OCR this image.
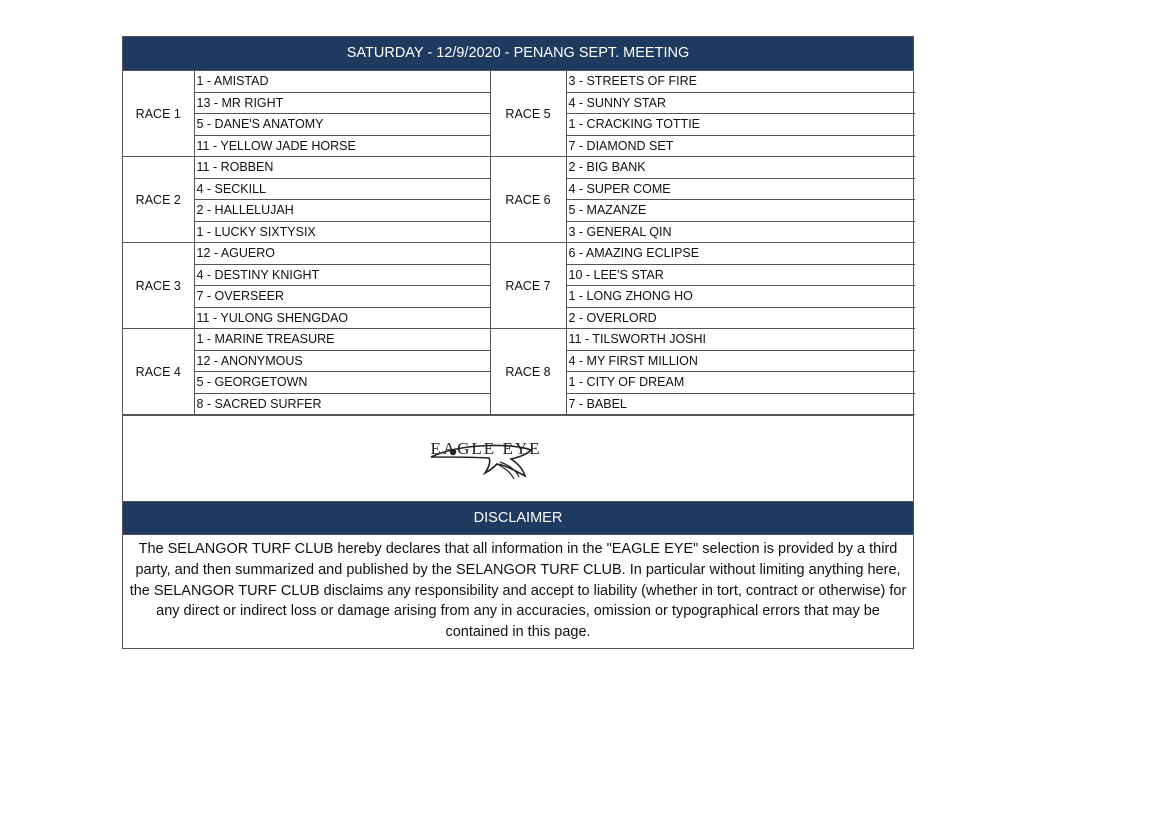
SATURDAY - 12/9/2020 - PENANG SEPT. MEETING
RACE 1	1 - AMISTAD	RACE 5	3 - STREETS OF FIRE
	13 - MR RIGHT		4 - SUNNY STAR
	5 - DANE'S ANATOMY		1 - CRACKING TOTTIE
	11 - YELLOW JADE HORSE		7 - DIAMOND SET
RACE 2	11 - ROBBEN	RACE 6	2 - BIG BANK
	4 - SECKILL		4 - SUPER COME
	2 - HALLELUJAH		5 - MAZANZE
	1 - LUCKY SIXTYSIX		3 - GENERAL QIN
RACE 3	12 - AGUERO	RACE 7	6 - AMAZING ECLIPSE
	4 - DESTINY KNIGHT		10 - LEE'S STAR
	7 - OVERSEER		1 - LONG ZHONG HO
	11 - YULONG SHENGDAO		2 - OVERLORD
RACE 4	1 - MARINE TREASURE	RACE 8	11 - TILSWORTH JOSHI
	12 - ANONYMOUS		4 - MY FIRST MILLION
	5 - GEORGETOWN		1 - CITY OF DREAM
	8 - SACRED SURFER		7 - BABEL
EAGLE EYE
DISCLAIMER
The SELANGOR TURF CLUB hereby declares that all information in the "EAGLE EYE" selection is provided by a third party, and then summarized and published by the SELANGOR TURF CLUB. In particular without limiting anything here, the SELANGOR TURF CLUB disclaims any responsibility and accept to liability (whether in tort, contract or otherwise) for any direct or indirect loss or damage arising from any in accuracies, omission or typographical errors that may be contained in this page.
